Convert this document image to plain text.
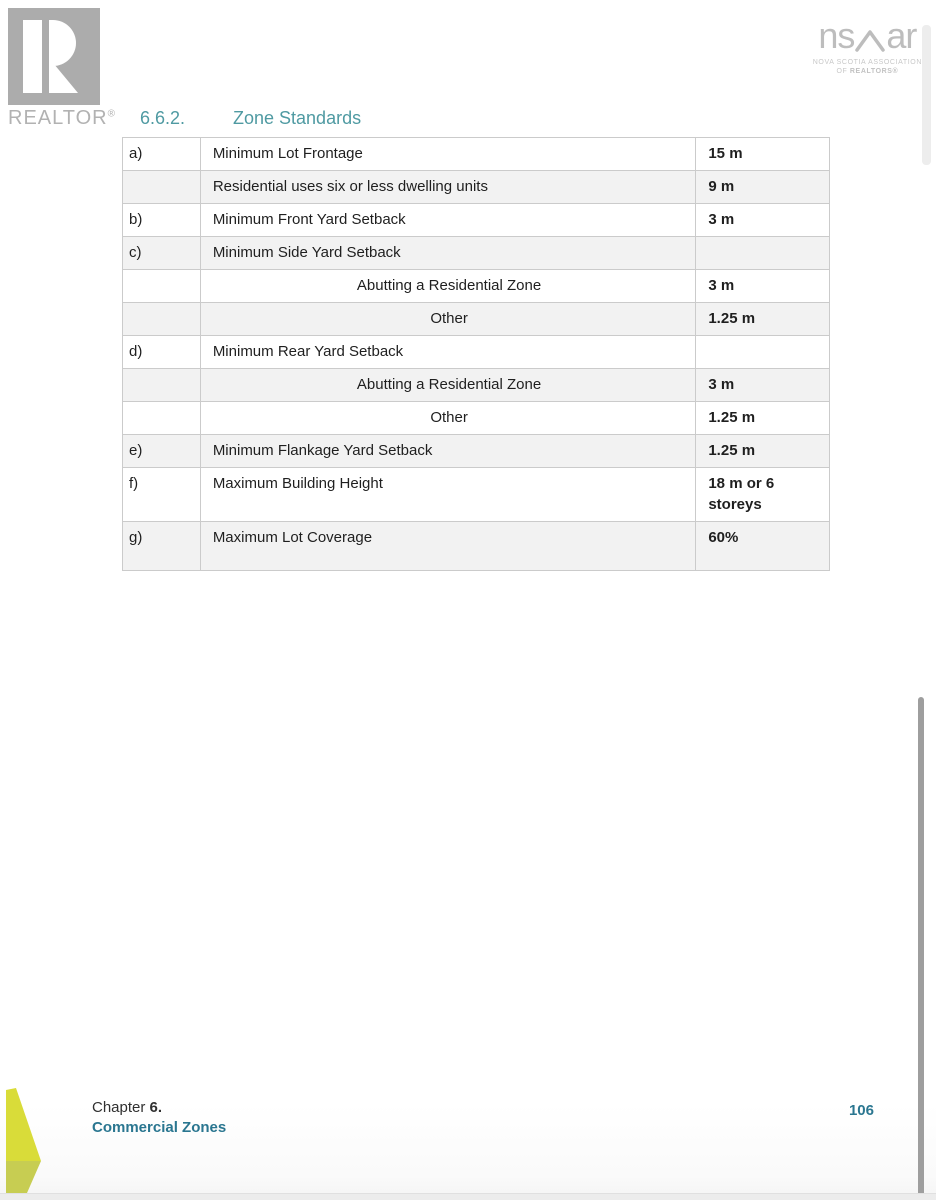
REALTOR®
ns ar
NOVA SCOTIA ASSOCIATION
OF REALTORS®
6.6.2.	Zone Standards
a)	Minimum Lot Frontage	15 m
Residential uses six or less dwelling units	9 m
b)	Minimum Front Yard Setback	3 m
c)	Minimum Side Yard Setback
Abutting a Residential Zone	3 m
Other	1.25 m
d)	Minimum Rear Yard Setback
Abutting a Residential Zone	3 m
Other	1.25 m
e)	Minimum Flankage Yard Setback	1.25 m
f)	Maximum Building Height	18 m or 6 storeys
g)	Maximum Lot Coverage	60%
Chapter 6.
Commercial Zones
106
